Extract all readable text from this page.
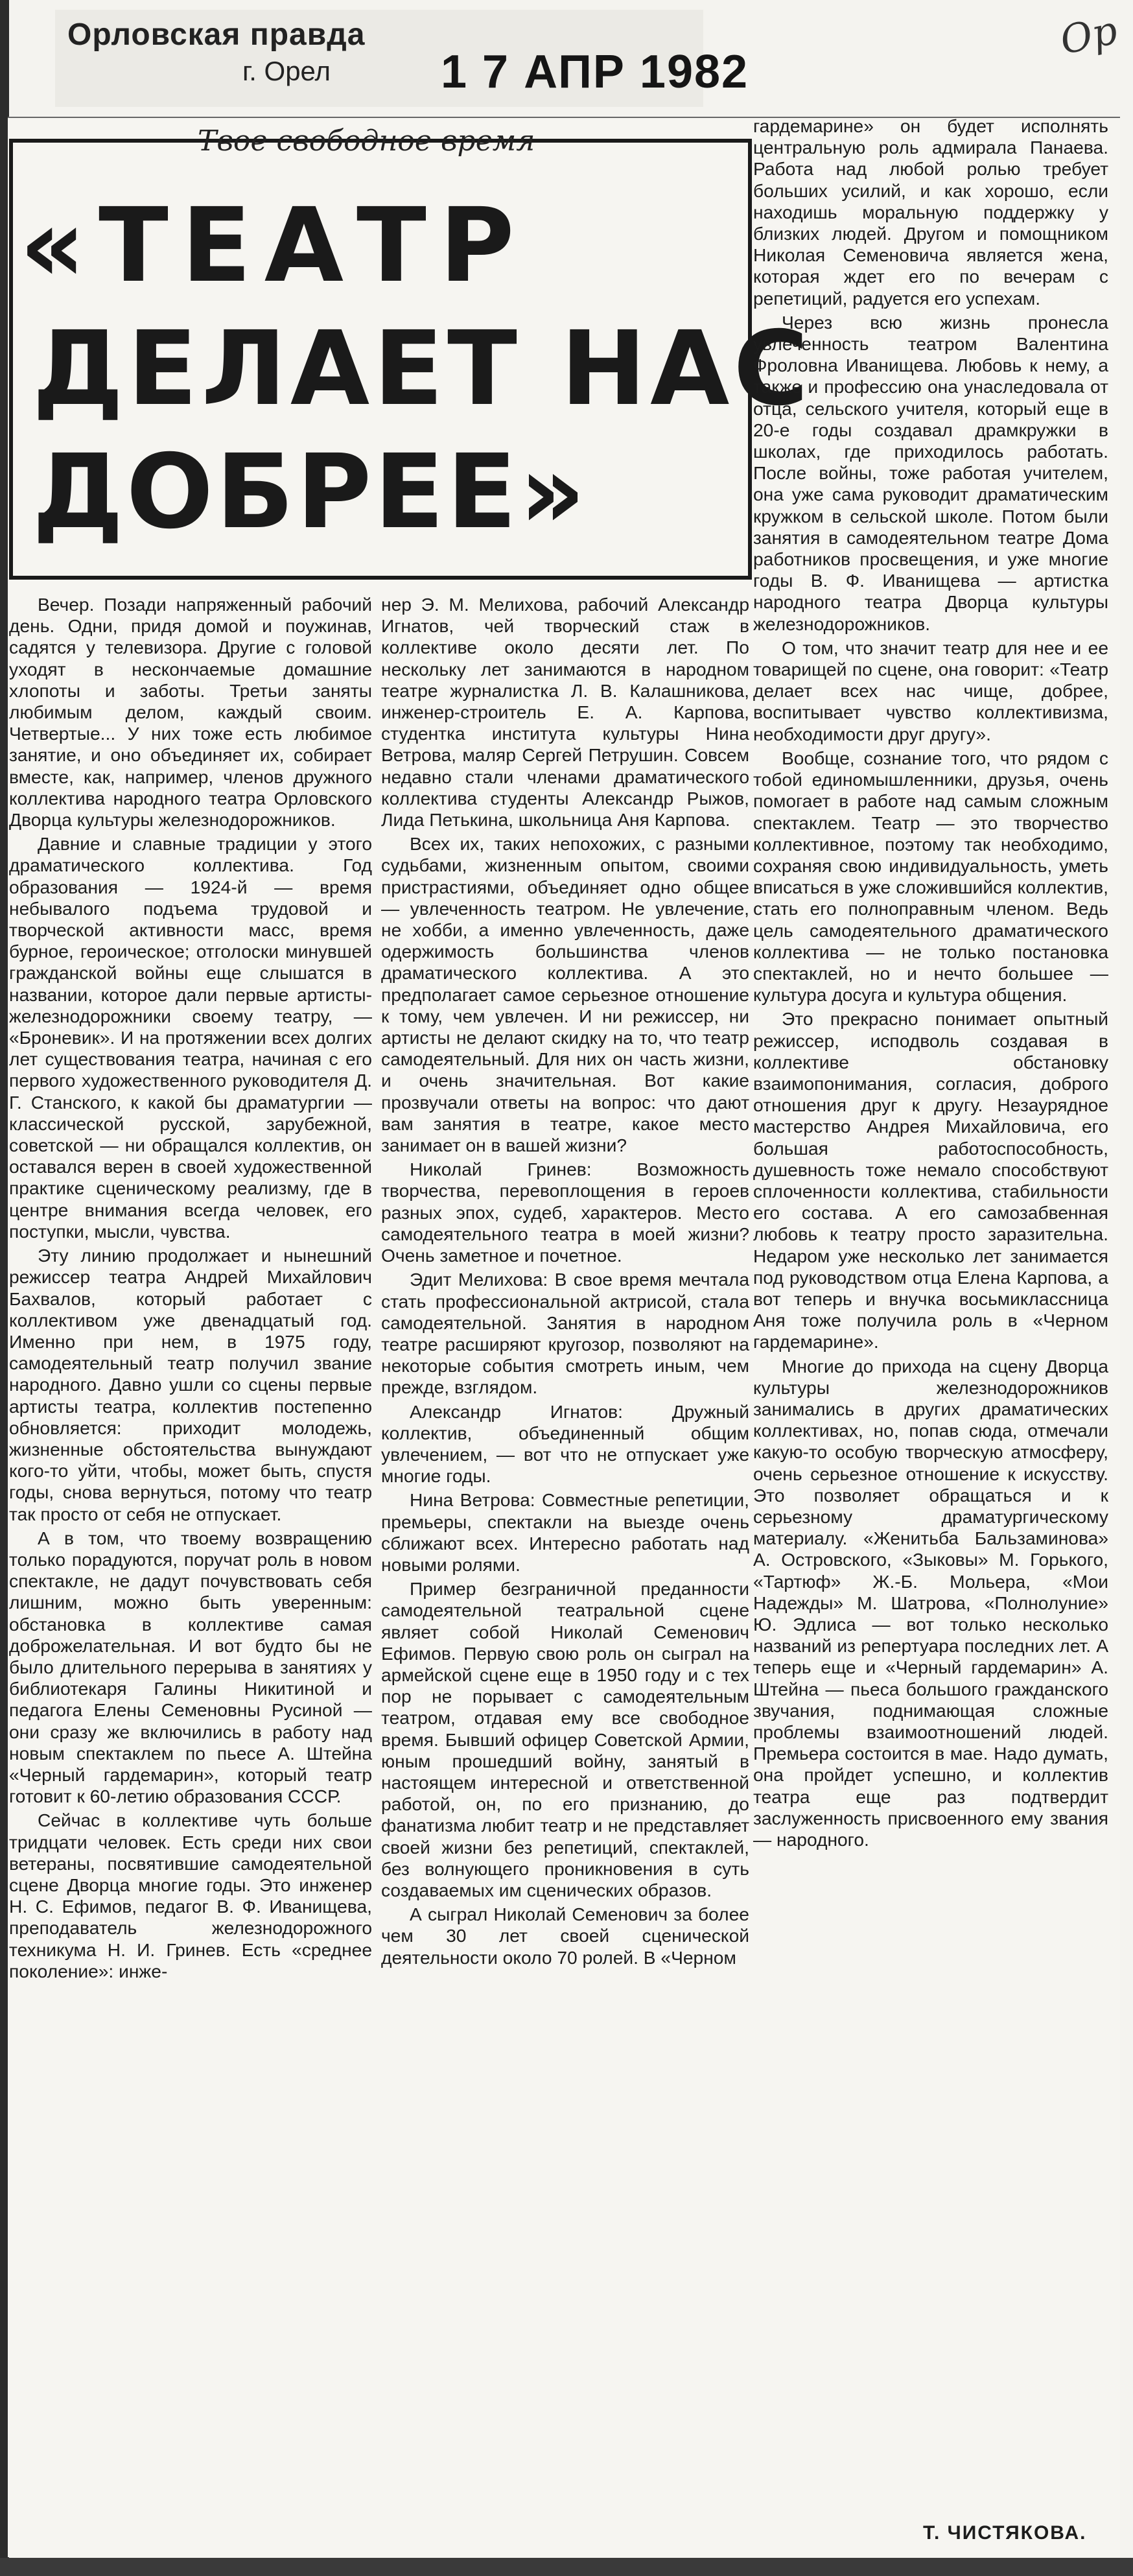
Орловская правда
г. Орел 1 7 АПР 1982
Ор
Твое свободное время
«ТЕАТР
ДЕЛАЕТ НАС
ДОБРЕЕ»

Вечер. Позади напряженный рабочий день. Одни, придя домой и поужинав, садятся у телевизора. Другие с головой уходят в нескончаемые домашние хлопоты и заботы. Третьи заняты любимым делом, каждый своим. Четвертые... У них тоже есть любимое занятие, и оно объединяет их, собирает вместе, как, например, членов дружного коллектива народного театра Орловского Дворца культуры железнодорожников.

Давние и славные традиции у этого драматического коллектива. Год образования — 1924-й — время небывалого подъема трудовой и творческой активности масс, время бурное, героическое; отголоски минувшей гражданской войны еще слышатся в названии, которое дали первые артисты-железнодорожники своему театру, — «Броневик». И на протяжении всех долгих лет существования театра, начиная с его первого художественного руководителя Д. Г. Станского, к какой бы драматургии — классической русской, зарубежной, советской — ни обращался коллектив, он оставался верен в своей художественной практике сценическому реализму, где в центре внимания всегда человек, его поступки, мысли, чувства.

Эту линию продолжает и нынешний режиссер театра Андрей Михайлович Бахвалов, который работает с коллективом уже двенадцатый год. Именно при нем, в 1975 году, самодеятельный театр получил звание народного. Давно ушли со сцены первые артисты театра, коллектив постепенно обновляется: приходит молодежь, жизненные обстоятельства вынуждают кого-то уйти, чтобы, может быть, спустя годы, снова вернуться, потому что театр так просто от себя не отпускает.

А в том, что твоему возвращению только порадуются, поручат роль в новом спектакле, не дадут почувствовать себя лишним, можно быть уверенным: обстановка в коллективе самая доброжелательная. И вот будто бы не было длительного перерыва в занятиях у библиотекаря Галины Никитиной и педагога Елены Семеновны Русиной — они сразу же включились в работу над новым спектаклем по пьесе А. Штейна «Черный гардемарин», который театр готовит к 60-летию образования СССР.

Сейчас в коллективе чуть больше тридцати человек. Есть среди них свои ветераны, посвятившие самодеятельной сцене Дворца многие годы. Это инженер Н. С. Ефимов, педагог В. Ф. Иванищева, преподаватель железнодорожного техникума Н. И. Гринев. Есть «среднее поколение»: инже-

нер Э. М. Мелихова, рабочий Александр Игнатов, чей творческий стаж в коллективе около десяти лет. По нескольку лет занимаются в народном театре журналистка Л. В. Калашникова, инженер-строитель Е. А. Карпова, студентка института культуры Нина Ветрова, маляр Сергей Петрушин. Совсем недавно стали членами драматического коллектива студенты Александр Рыжов, Лида Петькина, школьница Аня Карпова.

Всех их, таких непохожих, с разными судьбами, жизненным опытом, своими пристрастиями, объединяет одно общее — увлеченность театром. Не увлечение, не хобби, а именно увлеченность, даже одержимость большинства членов драматического коллектива. А это предполагает самое серьезное отношение к тому, чем увлечен. И ни режиссер, ни артисты не делают скидку на то, что театр самодеятельный. Для них он часть жизни, и очень значительная. Вот какие прозвучали ответы на вопрос: что дают вам занятия в театре, какое место занимает он в вашей жизни?

Николай Гринев: Возможность творчества, перевоплощения в героев разных эпох, судеб, характеров. Место самодеятельного театра в моей жизни? Очень заметное и почетное.

Эдит Мелихова: В свое время мечтала стать профессиональной актрисой, стала самодеятельной. Занятия в народном театре расширяют кругозор, позволяют на некоторые события смотреть иным, чем прежде, взглядом.

Александр Игнатов: Дружный коллектив, объединенный общим увлечением, — вот что не отпускает уже многие годы.

Нина Ветрова: Совместные репетиции, премьеры, спектакли на выезде очень сближают всех. Интересно работать над новыми ролями.

Пример безграничной преданности самодеятельной театральной сцене являет собой Николай Семенович Ефимов. Первую свою роль он сыграл на армейской сцене еще в 1950 году и с тех пор не порывает с самодеятельным театром, отдавая ему все свободное время. Бывший офицер Советской Армии, юным прошедший войну, занятый в настоящем интересной и ответственной работой, он, по его признанию, до фанатизма любит театр и не представляет своей жизни без репетиций, спектаклей, без волнующего проникновения в суть создаваемых им сценических образов.

А сыграл Николай Семенович за более чем 30 лет своей сценической деятельности около 70 ролей. В «Черном

гардемарине» он будет исполнять центральную роль адмирала Панаева. Работа над любой ролью требует больших усилий, и как хорошо, если находишь моральную поддержку у близких людей. Другом и помощником Николая Семеновича является жена, которая ждет его по вечерам с репетиций, радуется его успехам.

Через всю жизнь пронесла увлеченность театром Валентина Фроловна Иванищева. Любовь к нему, а также и профессию она унаследовала от отца, сельского учителя, который еще в 20-е годы создавал драмкружки в школах, где приходилось работать. После войны, тоже работая учителем, она уже сама руководит драматическим кружком в сельской школе. Потом были занятия в самодеятельном театре Дома работников просвещения, и уже многие годы В. Ф. Иванищева — артистка народного театра Дворца культуры железнодорожников.

О том, что значит театр для нее и ее товарищей по сцене, она говорит: «Театр делает всех нас чище, добрее, воспитывает чувство коллективизма, необходимости друг другу».

Вообще, сознание того, что рядом с тобой единомышленники, друзья, очень помогает в работе над самым сложным спектаклем. Театр — это творчество коллективное, поэтому так необходимо, сохраняя свою индивидуальность, уметь вписаться в уже сложившийся коллектив, стать его полноправным членом. Ведь цель самодеятельного драматического коллектива — не только постановка спектаклей, но и нечто большее — культура досуга и культура общения.

Это прекрасно понимает опытный режиссер, исподволь создавая в коллективе обстановку взаимопонимания, согласия, доброго отношения друг к другу. Незаурядное мастерство Андрея Михайловича, его большая работоспособность, душевность тоже немало способствуют сплоченности коллектива, стабильности его состава. А его самозабвенная любовь к театру просто заразительна. Недаром уже несколько лет занимается под руководством отца Елена Карпова, а вот теперь и внучка восьмиклассница Аня тоже получила роль в «Черном гардемарине».

Многие до прихода на сцену Дворца культуры железнодорожников занимались в других драматических коллективах, но, попав сюда, отмечали какую-то особую творческую атмосферу, очень серьезное отношение к искусству. Это позволяет обращаться и к серьезному драматургическому материалу. «Женитьба Бальзаминова» А. Островского, «Зыковы» М. Горького, «Тартюф» Ж.-Б. Мольера, «Мои Надежды» М. Шатрова, «Полнолуние» Ю. Эдлиса — вот только несколько названий из репертуара последних лет. А теперь еще и «Черный гардемарин» А. Штейна — пьеса большого гражданского звучания, поднимающая сложные проблемы взаимоотношений людей. Премьера состоится в мае. Надо думать, она пройдет успешно, и коллектив театра еще раз подтвердит заслуженность присвоенного ему звания — народного.

Т. ЧИСТЯКОВА.
